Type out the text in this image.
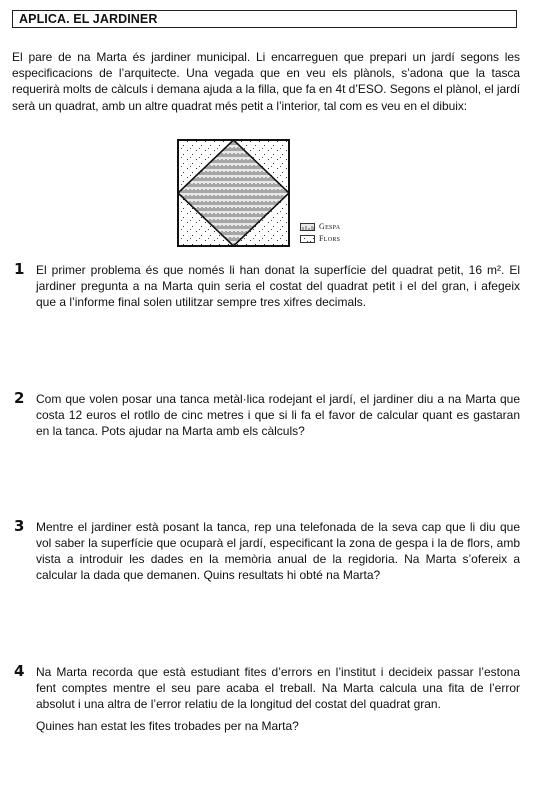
APLICA. EL JARDINER
El pare de na Marta és jardiner municipal. Li encarreguen que prepari un jardí segons les especificacions de l’arquitecte. Una vegada que en veu els plànols, s’adona que la tasca requerirà molts de càlculs i demana ajuda a la filla, que fa en 4t d’ESO. Segons el plànol, el jardí serà un quadrat, amb un altre quadrat més petit a l’interior, tal com es veu en el dibuix:
Gespa
Flors
1 El primer problema és que només li han donat la superfície del quadrat petit, 16 m². El jardiner pregunta a na Marta quin seria el costat del quadrat petit i el del gran, i afegeix que a l’informe final solen utilitzar sempre tres xifres decimals.

2 Com que volen posar una tanca metàl·lica rodejant el jardí, el jardiner diu a na Marta que costa 12 euros el rotllo de cinc metres i que si li fa el favor de calcular quant es gastaran en la tanca. Pots ajudar na Marta amb els càlculs?

3 Mentre el jardiner està posant la tanca, rep una telefonada de la seva cap que li diu que vol saber la superfície que ocuparà el jardí, especificant la zona de gespa i la de flors, amb vista a introduir les dades en la memòria anual de la regidoria. Na Marta s’ofereix a calcular la dada que demanen. Quins resultats hi obté na Marta?

4 Na Marta recorda que està estudiant fites d’errors en l’institut i decideix passar l’estona fent comptes mentre el seu pare acaba el treball. Na Marta calcula una fita de l’error absolut i una altra de l’error relatiu de la longitud del costat del quadrat gran.

Quines han estat les fites trobades per na Marta?
